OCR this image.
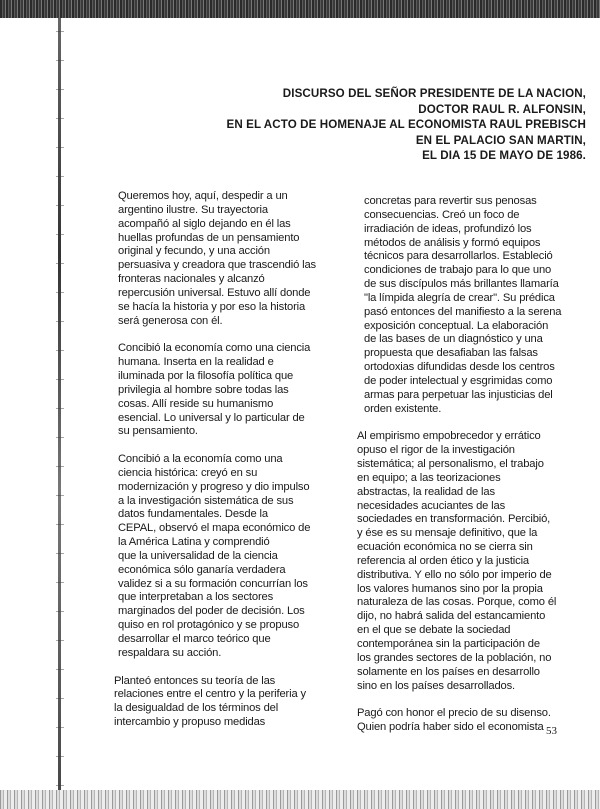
DISCURSO DEL SEÑOR PRESIDENTE DE LA NACION,
DOCTOR RAUL R. ALFONSIN,
EN EL ACTO DE HOMENAJE AL ECONOMISTA RAUL PREBISCH
EN EL PALACIO SAN MARTIN,
EL DIA 15 DE MAYO DE 1986.
Queremos hoy, aquí, despedir a un
argentino ilustre. Su trayectoria
acompañó al siglo dejando en él las
huellas profundas de un pensamiento
original y fecundo, y una acción
persuasiva y creadora que trascendió las
fronteras nacionales y alcanzó
repercusión universal. Estuvo allí donde
se hacía la historia y por eso la historia
será generosa con él.
Concibió la economía como una ciencia
humana. Inserta en la realidad e
iluminada por la filosofía política que
privilegia al hombre sobre todas las
cosas. Allí reside su humanismo
esencial. Lo universal y lo particular de
su pensamiento.
Concibió a la economía como una
ciencia histórica: creyó en su
modernización y progreso y dio impulso
a la investigación sistemática de sus
datos fundamentales. Desde la
CEPAL, observó el mapa económico de
la América Latina y comprendió
que la universalidad de la ciencia
económica sólo ganaría verdadera
validez si a su formación concurrían los
que interpretaban a los sectores
marginados del poder de decisión. Los
quiso en rol protagónico y se propuso
desarrollar el marco teórico que
respaldara su acción.
Planteó entonces su teoría de las
relaciones entre el centro y la periferia y
la desigualdad de los términos del
intercambio y propuso medidas
concretas para revertir sus penosas
consecuencias. Creó un foco de
irradiación de ideas, profundizó los
métodos de análisis y formó equipos
técnicos para desarrollarlos. Estableció
condiciones de trabajo para lo que uno
de sus discípulos más brillantes llamaría
"la límpida alegría de crear". Su prédica
pasó entonces del manifiesto a la serena
exposición conceptual. La elaboración
de las bases de un diagnóstico y una
propuesta que desafiaban las falsas
ortodoxias difundidas desde los centros
de poder intelectual y esgrimidas como
armas para perpetuar las injusticias del
orden existente.
Al empirismo empobrecedor y errático
opuso el rigor de la investigación
sistemática; al personalismo, el trabajo
en equipo; a las teorizaciones
abstractas, la realidad de las
necesidades acuciantes de las
sociedades en transformación. Percibió,
y ése es su mensaje definitivo, que la
ecuación económica no se cierra sin
referencia al orden ético y la justicia
distributiva. Y ello no sólo por imperio de
los valores humanos sino por la propia
naturaleza de las cosas. Porque, como él
dijo, no habrá salida del estancamiento
en el que se debate la sociedad
contemporánea sin la participación de
los grandes sectores de la población, no
solamente en los países en desarrollo
sino en los países desarrollados.
Pagó con honor el precio de su disenso.
Quien podría haber sido el economista 53
